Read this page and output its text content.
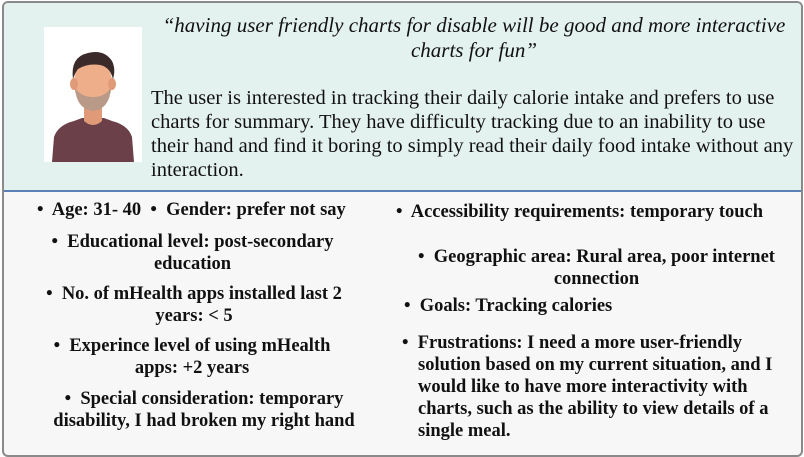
“having user friendly charts for disable will be good and more interactive charts for fun”
The user is interested in tracking their daily calorie intake and prefers to use charts for summary. They have difficulty tracking due to an inability to use their hand and find it boring to simply read their daily food intake without any interaction.
•  Age: 31- 40  •  Gender: prefer not say
•  Educational level: post-secondary education
•  No. of mHealth apps installed last 2 years: < 5
•  Experince level of using mHealth apps: +2 years
•  Special consideration: temporary disability, I had broken my right hand
•  Accessibility requirements: temporary touch
•  Geographic area: Rural area, poor internet connection
•  Goals: Tracking calories
•  Frustrations: I need a more user-friendly solution based on my current situation, and I would like to have more interactivity with charts, such as the ability to view details of a single meal.
